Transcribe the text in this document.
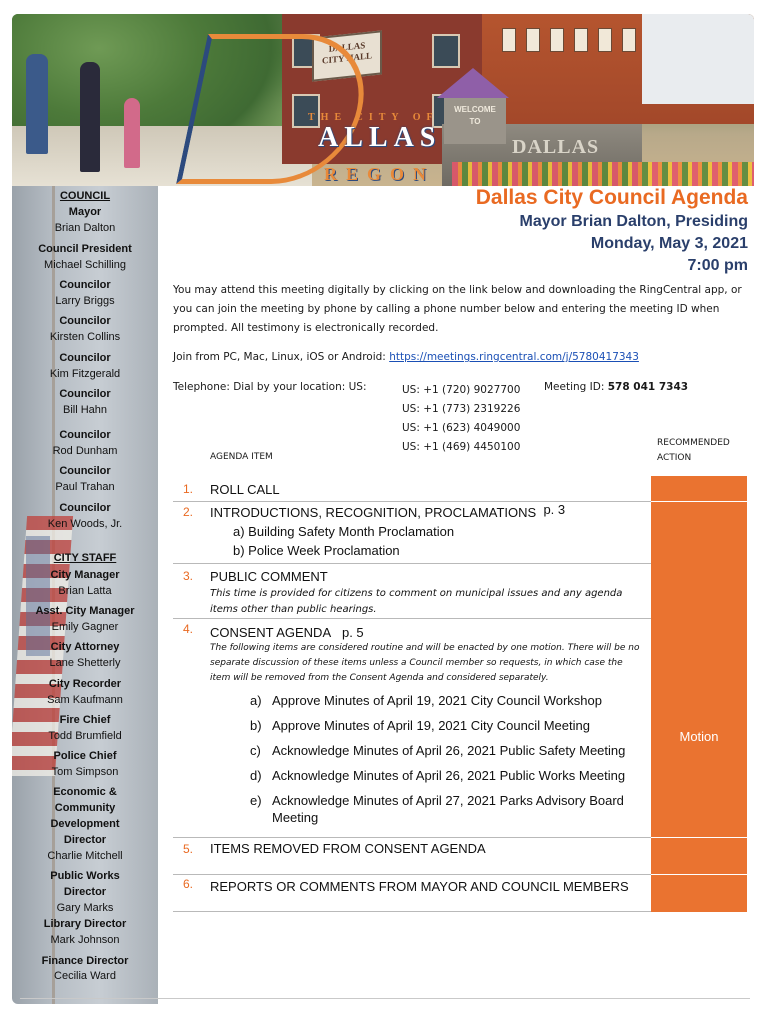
DALLAS
CITY HALL
DALLAS
WELCOME
TO
THE CITY OF
ALLAS
REGON
COUNCIL
Mayor
Brian Dalton
Council President
Michael Schilling
Councilor
Larry Briggs
Councilor
Kirsten Collins
Councilor
Kim Fitzgerald
Councilor
Bill Hahn
Councilor
Rod Dunham
Councilor
Paul Trahan
Councilor
Ken Woods, Jr.
CITY STAFF
City Manager
Brian Latta
Asst. City Manager
Emily Gagner
City Attorney
Lane Shetterly
City Recorder
Sam Kaufmann
Fire Chief
Todd Brumfield
Police Chief
Tom Simpson
Economic &
Community
Development
Director
Charlie Mitchell
Public Works
Director
Gary Marks
Library Director
Mark Johnson
Finance Director
Cecilia Ward
Dallas City Council Agenda
Mayor Brian Dalton, Presiding
Monday, May 3, 2021
7:00 pm
You may attend this meeting digitally by clicking on the link below and downloading the RingCentral app, or you can join the meeting by phone by calling a phone number below and entering the meeting ID when prompted. All testimony is electronically recorded.
Join from PC, Mac, Linux, iOS or Android: https://meetings.ringcentral.com/j/5780417343
Telephone: Dial by your location: US:	US: +1 (720) 9027700
US: +1 (773) 2319226
US: +1 (623) 4049000
US: +1 (469) 4450100
Meeting ID: 578 041 7343
AGENDA ITEM
RECOMMENDED
ACTION
Motion
1. ROLL CALL
2. INTRODUCTIONS, RECOGNITION, PROCLAMATIONS p. 3
a) Building Safety Month Proclamation
b) Police Week Proclamation
3. PUBLIC COMMENT
This time is provided for citizens to comment on municipal issues and any agenda items other than public hearings.
4. CONSENT AGENDA p. 5
The following items are considered routine and will be enacted by one motion. There will be no separate discussion of these items unless a Council member so requests, in which case the item will be removed from the Consent Agenda and considered separately.
a) Approve Minutes of April 19, 2021 City Council Workshop
b) Approve Minutes of April 19, 2021 City Council Meeting
c) Acknowledge Minutes of April 26, 2021 Public Safety Meeting
d) Acknowledge Minutes of April 26, 2021 Public Works Meeting
e) Acknowledge Minutes of April 27, 2021 Parks Advisory Board
Meeting
5. ITEMS REMOVED FROM CONSENT AGENDA
6. REPORTS OR COMMENTS FROM MAYOR AND COUNCIL MEMBERS
